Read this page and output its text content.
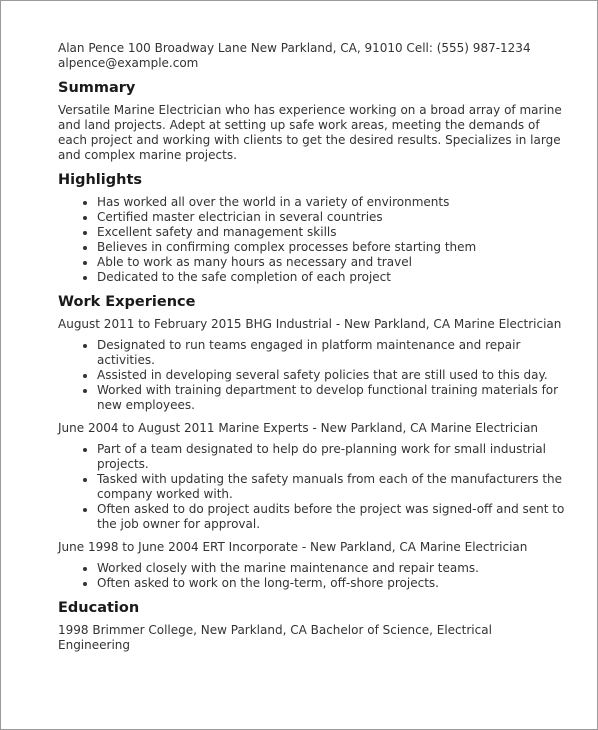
Alan Pence 100 Broadway Lane New Parkland, CA, 91010 Cell: (555) 987-1234
alpence@example.com
Summary

Versatile Marine Electrician who has experience working on a broad array of marine and land projects. Adept at setting up safe work areas, meeting the demands of each project and working with clients to get the desired results. Specializes in large and complex marine projects.

Highlights
• Has worked all over the world in a variety of environments
• Certified master electrician in several countries
• Excellent safety and management skills
• Believes in confirming complex processes before starting them
• Able to work as many hours as necessary and travel
• Dedicated to the safe completion of each project
Work Experience

August 2011 to February 2015 BHG Industrial - New Parkland, CA Marine Electrician

• Designated to run teams engaged in platform maintenance and repair activities.
• Assisted in developing several safety policies that are still used to this day.
• Worked with training department to develop functional training materials for new employees.

June 2004 to August 2011 Marine Experts - New Parkland, CA Marine Electrician

• Part of a team designated to help do pre-planning work for small industrial projects.
• Tasked with updating the safety manuals from each of the manufacturers the company worked with.
• Often asked to do project audits before the project was signed-off and sent to the job owner for approval.

June 1998 to June 2004 ERT Incorporate - New Parkland, CA Marine Electrician

• Worked closely with the marine maintenance and repair teams.
• Often asked to work on the long-term, off-shore projects.
Education

1998 Brimmer College, New Parkland, CA Bachelor of Science, Electrical Engineering
